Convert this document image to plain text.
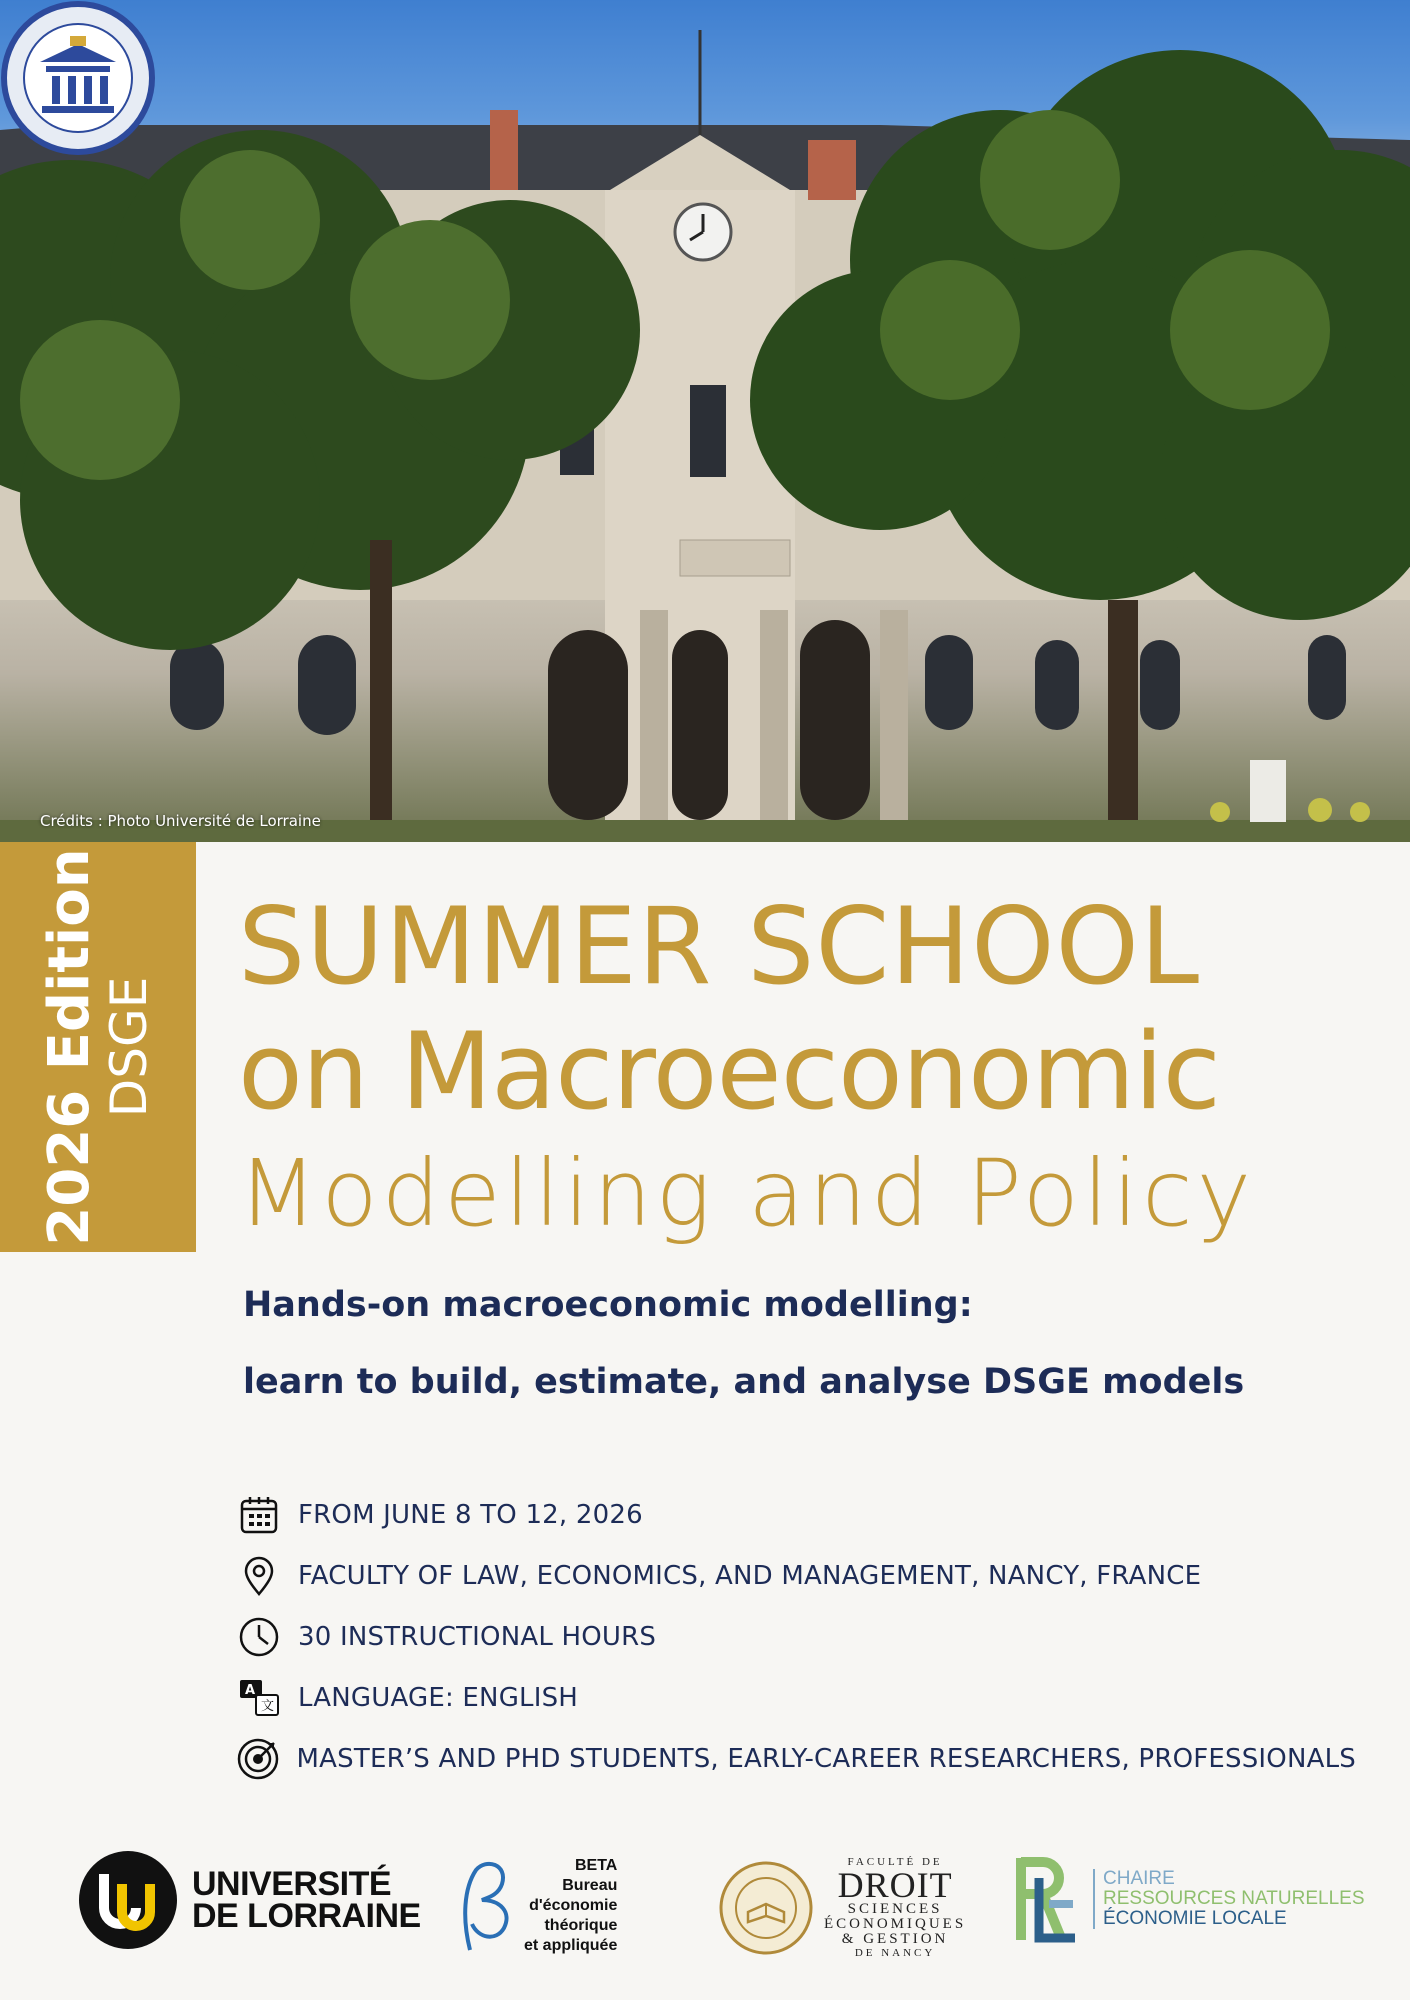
Crédits : Photo Université de Lorraine
2026 Edition
DSGE
SUMMER SCHOOL
on Macroeconomic
Modelling and Policy
Hands-on macroeconomic modelling:
learn to build, estimate, and analyse DSGE models
FROM JUNE 8 TO 12, 2026
FACULTY OF LAW, ECONOMICS, AND MANAGEMENT, NANCY, FRANCE
30 INSTRUCTIONAL HOURS
A
文 LANGUAGE: ENGLISH
MASTER’S AND PHD STUDENTS, EARLY-CAREER RESEARCHERS, PROFESSIONALS
UNIVERSITÉ
DE LORRAINE
BETA
Bureau
d'économie
théorique
et appliquée
FACULTÉ DE
DROIT
SCIENCES
ÉCONOMIQUES
& GESTION
DE NANCY
CHAIRE
RESSOURCES NATURELLES
ÉCONOMIE LOCALE
